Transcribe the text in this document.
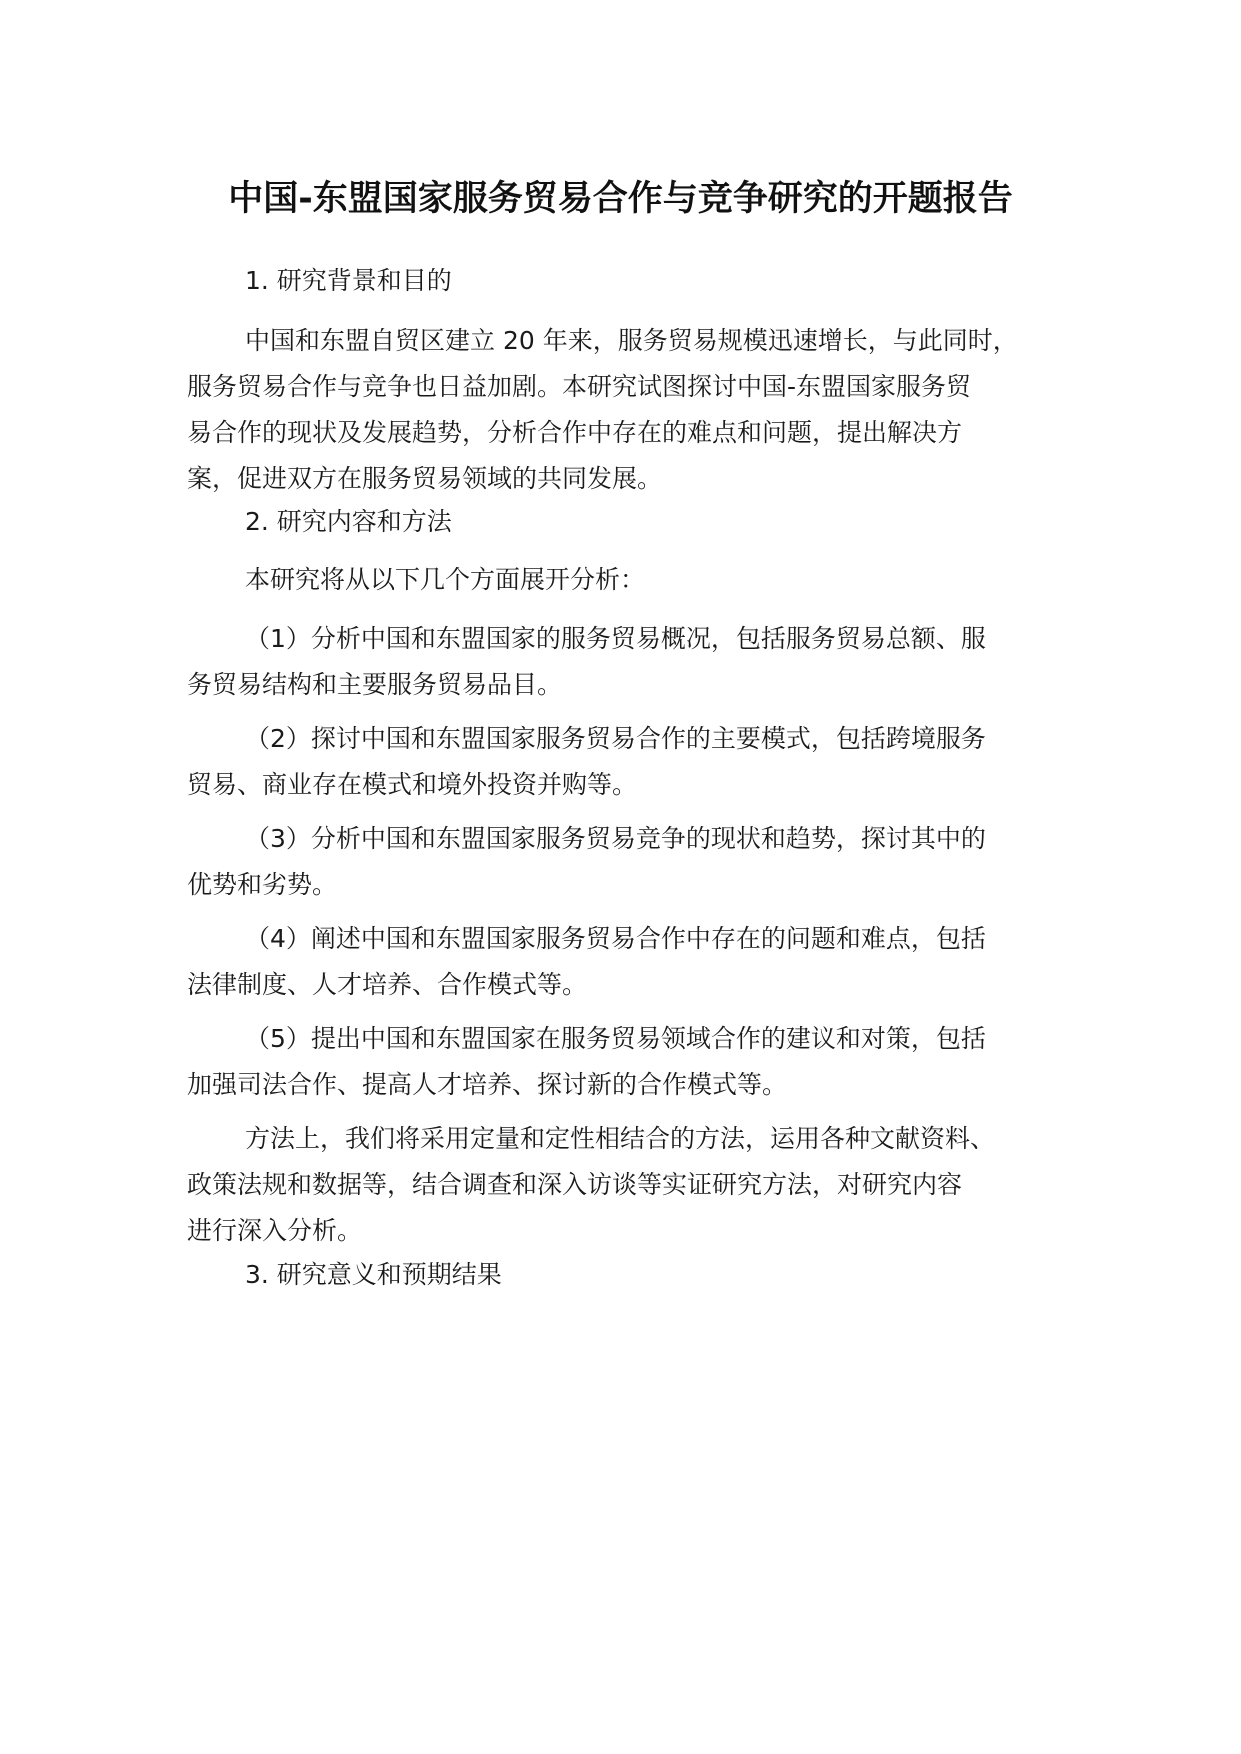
中国-东盟国家服务贸易合作与竞争研究的开题报告
1. 研究背景和目的
中国和东盟自贸区建立 20 年来，服务贸易规模迅速增长，与此同时，
服务贸易合作与竞争也日益加剧。本研究试图探讨中国-东盟国家服务贸
易合作的现状及发展趋势，分析合作中存在的难点和问题，提出解决方
案，促进双方在服务贸易领域的共同发展。
2. 研究内容和方法
本研究将从以下几个方面展开分析：
（1）分析中国和东盟国家的服务贸易概况，包括服务贸易总额、服
务贸易结构和主要服务贸易品目。
（2）探讨中国和东盟国家服务贸易合作的主要模式，包括跨境服务
贸易、商业存在模式和境外投资并购等。
（3）分析中国和东盟国家服务贸易竞争的现状和趋势，探讨其中的
优势和劣势。
（4）阐述中国和东盟国家服务贸易合作中存在的问题和难点，包括
法律制度、人才培养、合作模式等。
（5）提出中国和东盟国家在服务贸易领域合作的建议和对策，包括
加强司法合作、提高人才培养、探讨新的合作模式等。
方法上，我们将采用定量和定性相结合的方法，运用各种文献资料、
政策法规和数据等，结合调查和深入访谈等实证研究方法，对研究内容
进行深入分析。
3. 研究意义和预期结果
